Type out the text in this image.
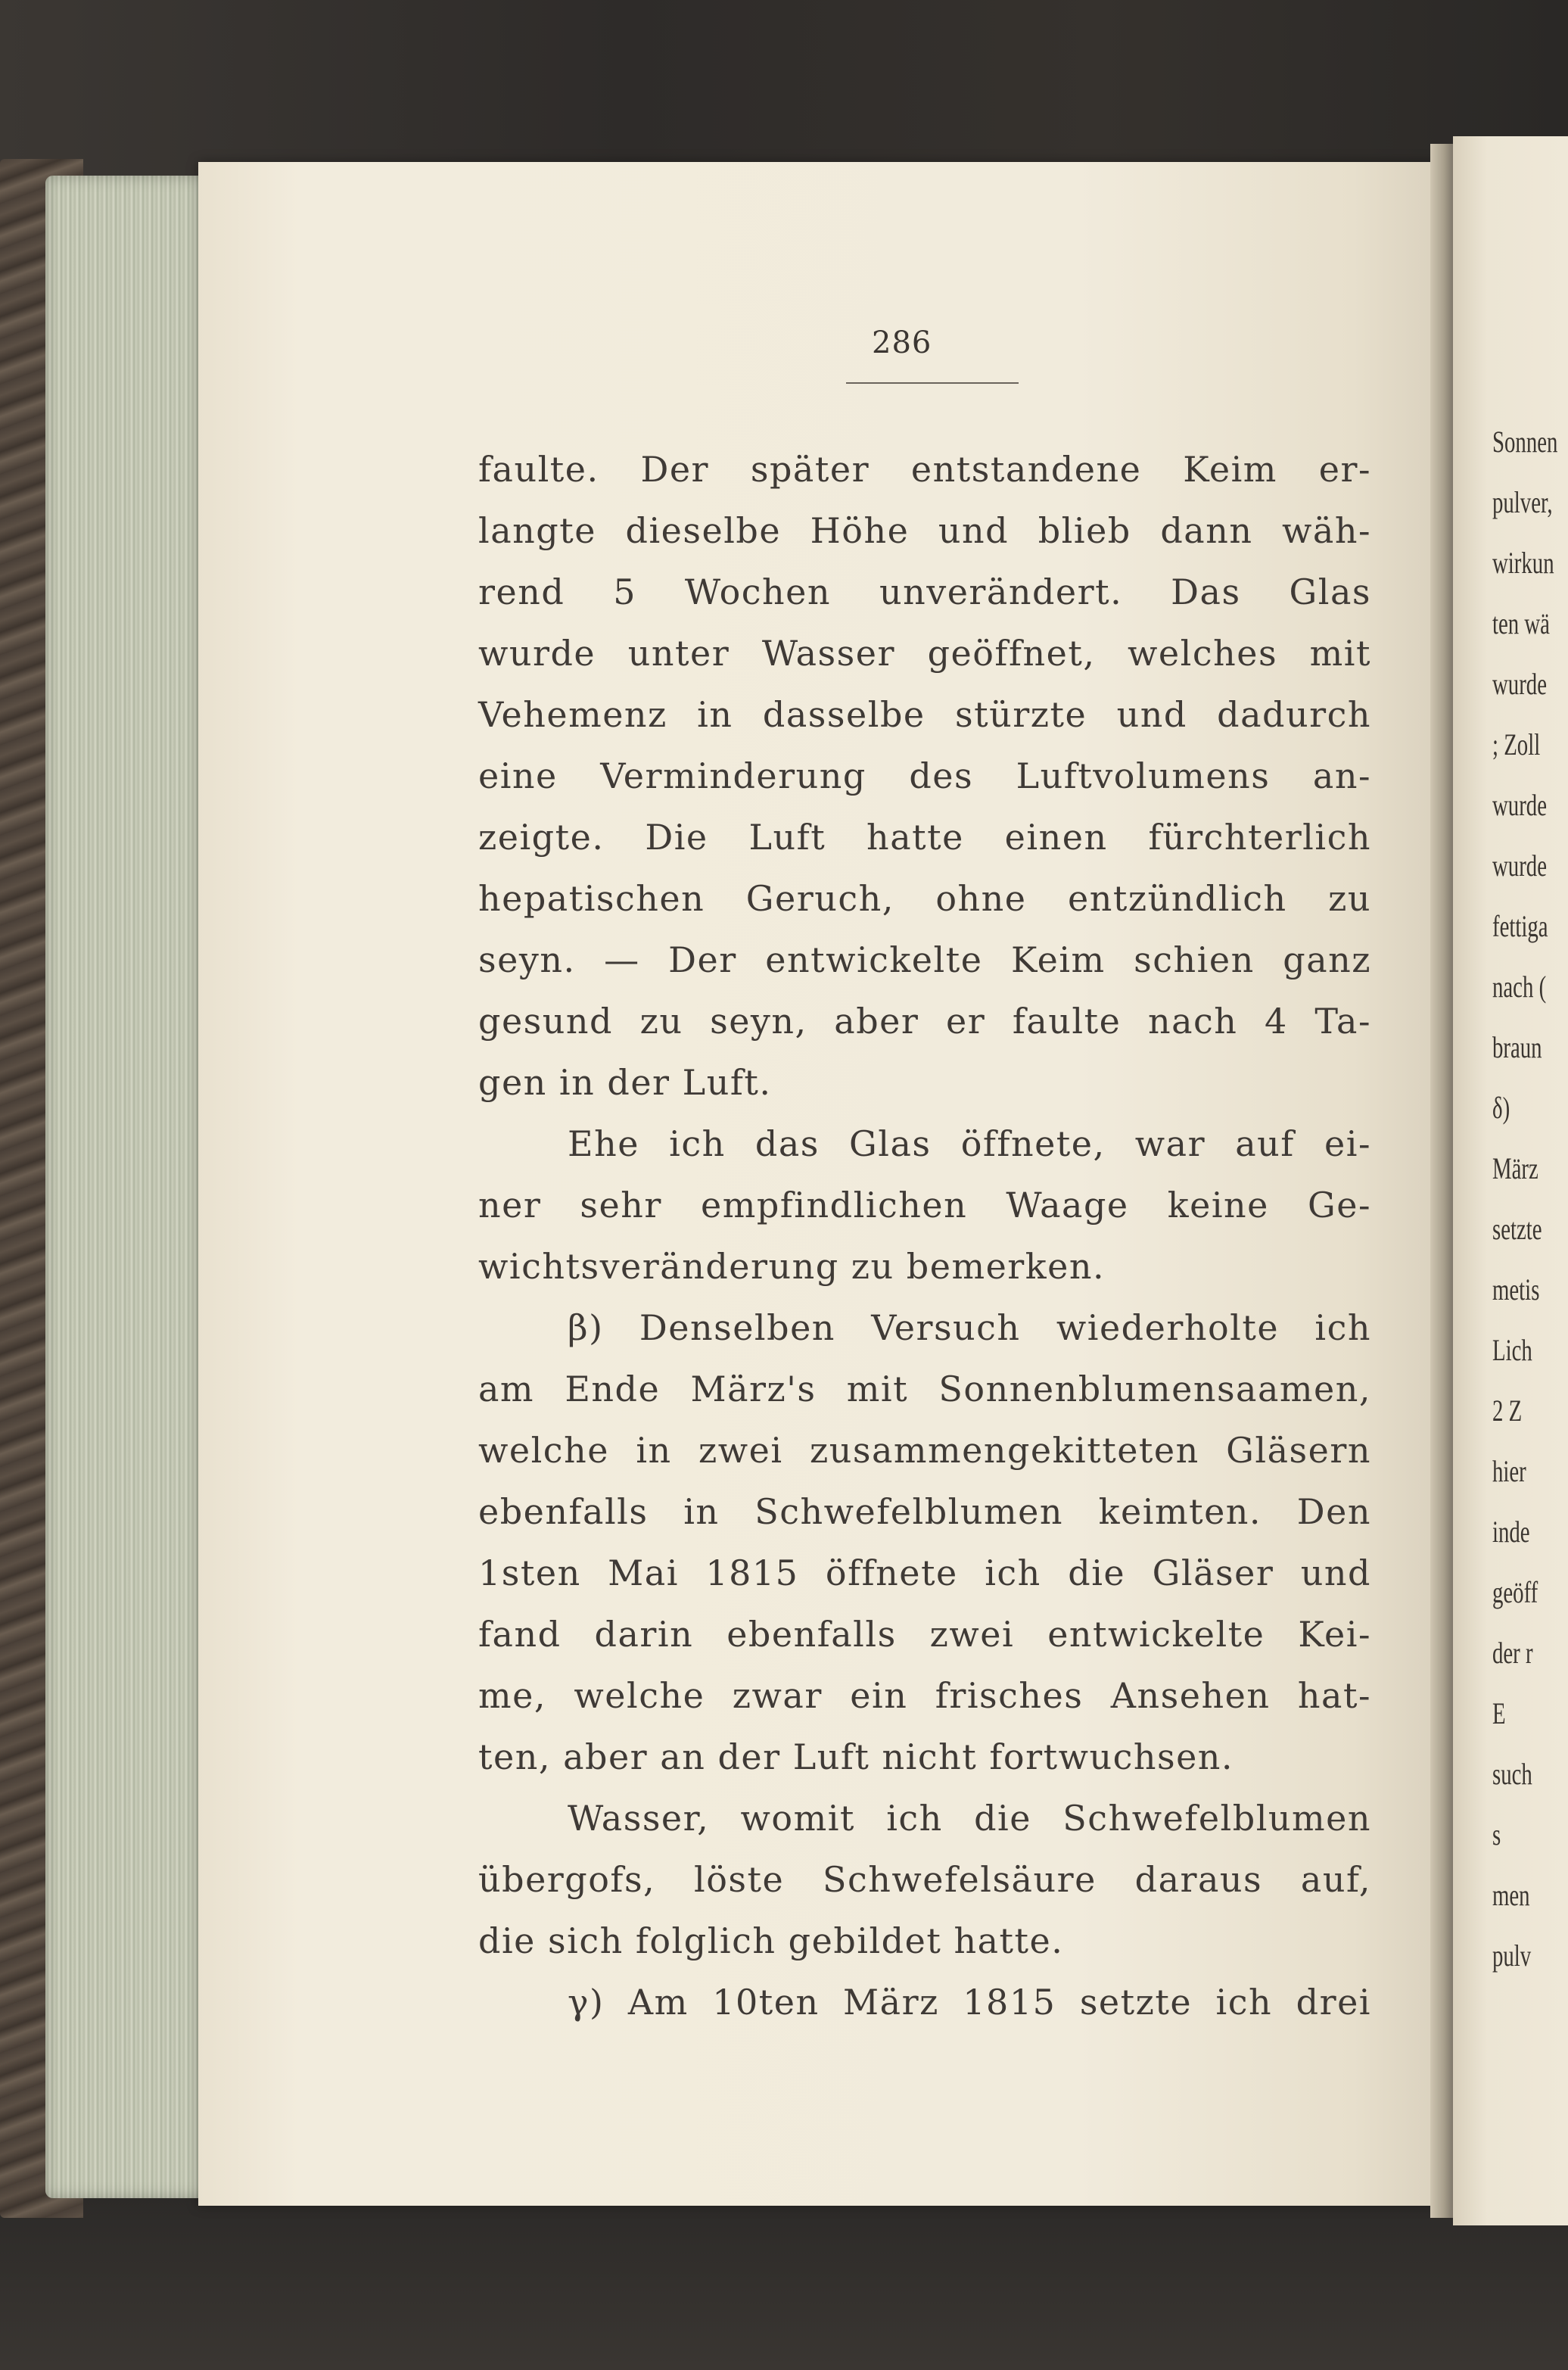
Sonnen
pulver,
wirkun
ten wä
wurde
; Zoll
wurde
wurde
fettiga
nach (
braun
δ)
März
setzte
metis
Lich
2 Z
hier
inde
geöff
der r
E
such
s
men
pulv
286
faulte. Der später entstandene Keim er-
langte dieselbe Höhe und blieb dann wäh-
rend 5 Wochen unverändert. Das Glas
wurde unter Wasser geöffnet, welches mit
Vehemenz in dasselbe stürzte und dadurch
eine Verminderung des Luftvolumens an-
zeigte. Die Luft hatte einen fürchterlich
hepatischen Geruch, ohne entzündlich zu
seyn. — Der entwickelte Keim schien ganz
gesund zu seyn, aber er faulte nach 4 Ta-
gen in der Luft.
Ehe ich das Glas öffnete, war auf ei-
ner sehr empfindlichen Waage keine Ge-
wichtsveränderung zu bemerken.
β) Denselben Versuch wiederholte ich
am Ende März's mit Sonnenblumensaamen,
welche in zwei zusammengekitteten Gläsern
ebenfalls in Schwefelblumen keimten. Den
1sten Mai 1815 öffnete ich die Gläser und
fand darin ebenfalls zwei entwickelte Kei-
me, welche zwar ein frisches Ansehen hat-
ten, aber an der Luft nicht fortwuchsen.
Wasser, womit ich die Schwefelblumen
übergofs, löste Schwefelsäure daraus auf,
die sich folglich gebildet hatte.
γ) Am 10ten März 1815 setzte ich drei
